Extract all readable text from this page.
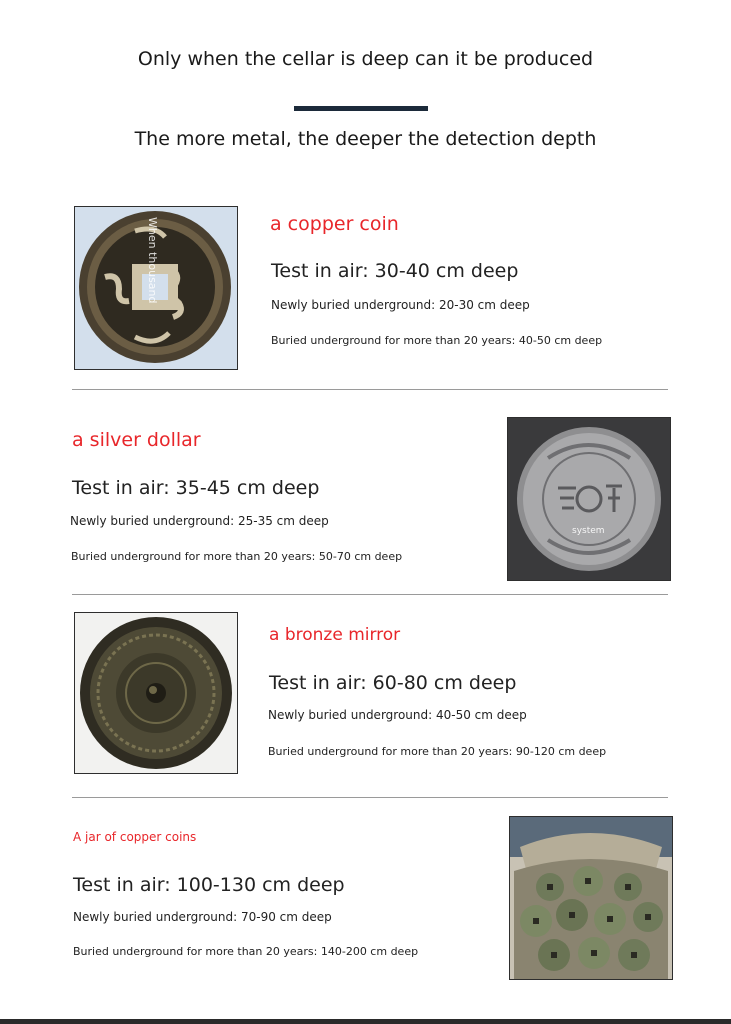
Only when the cellar is deep can it be produced
The more metal, the deeper the detection depth
When thousand	a copper coin
Test in air: 30-40 cm deep
Newly buried underground: 20-30 cm deep
Buried underground for more than 20 years: 40-50 cm deep
a silver dollar
Test in air: 35-45 cm deep
Newly buried underground: 25-35 cm deep
Buried underground for more than 20 years: 50-70 cm deep
system
a bronze mirror
Test in air: 60-80 cm deep
Newly buried underground: 40-50 cm deep
Buried underground for more than 20 years: 90-120 cm deep
A jar of copper coins
Test in air: 100-130 cm deep
Newly buried underground: 70-90 cm deep
Buried underground for more than 20 years: 140-200 cm deep
